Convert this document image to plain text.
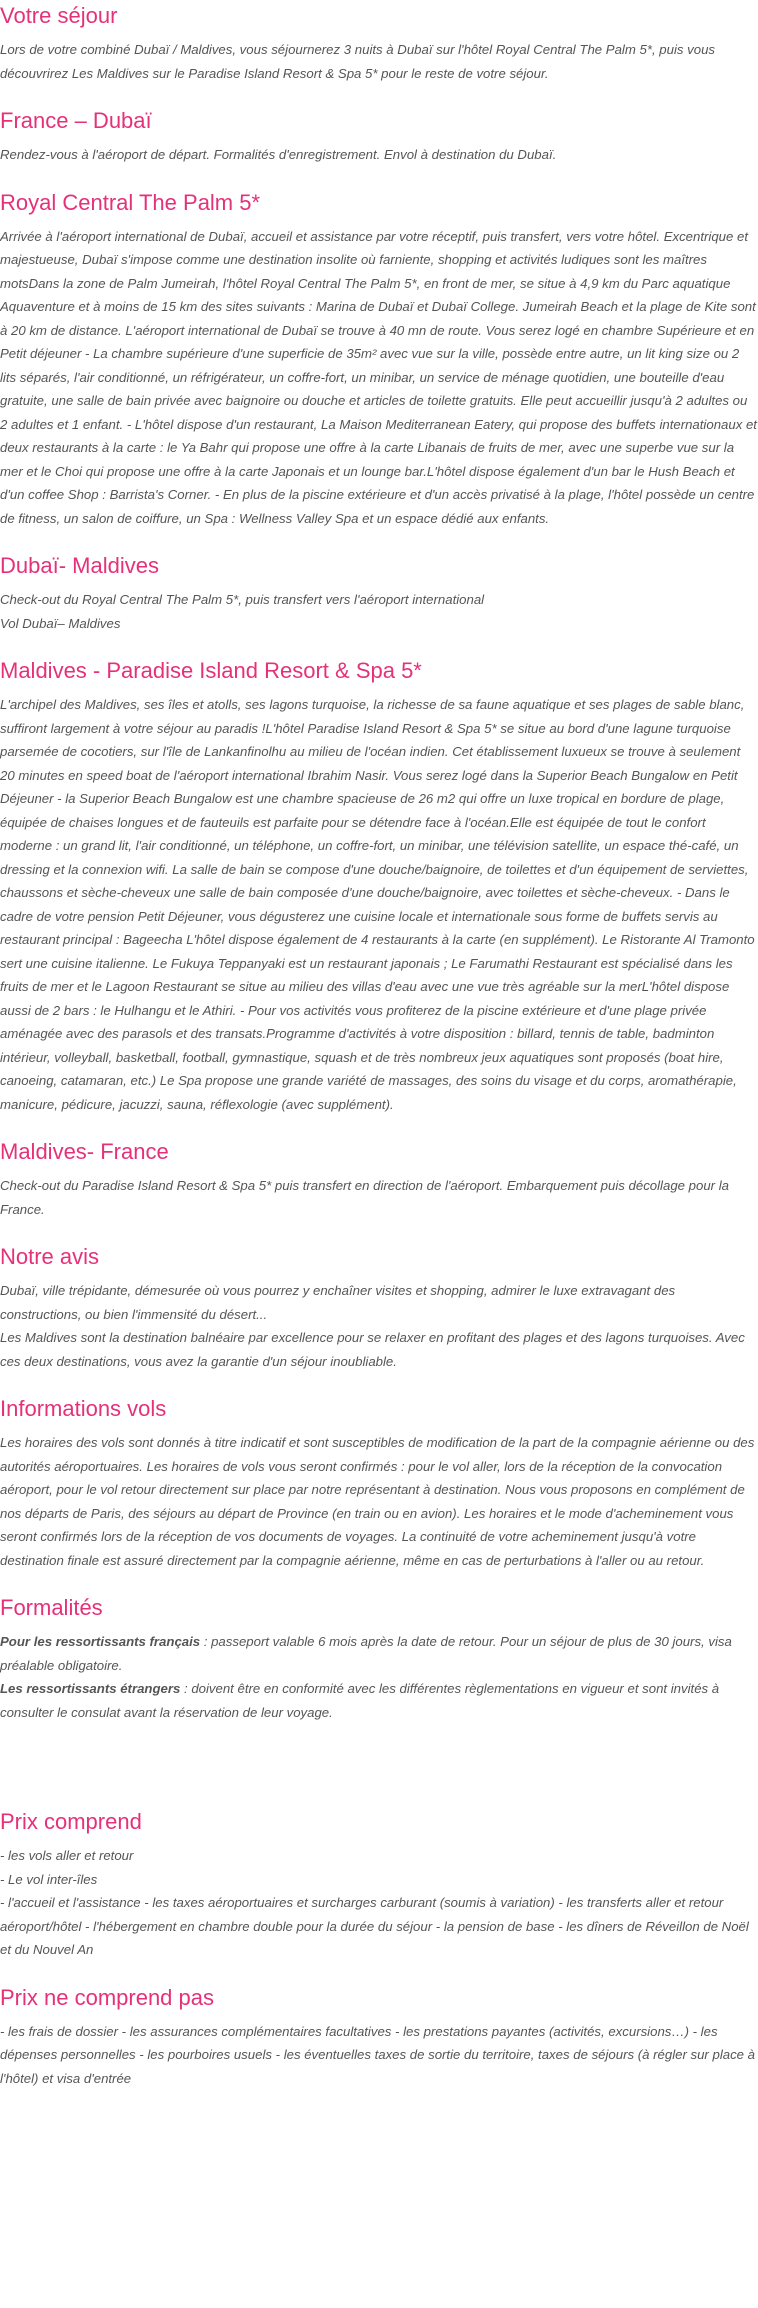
Votre séjour

Lors de votre combiné Dubaï / Maldives, vous séjournerez 3 nuits à Dubaï sur l'hôtel Royal Central The Palm 5*, puis vous découvrirez Les Maldives sur le Paradise Island Resort & Spa 5* pour le reste de votre séjour.

France – Dubaï

Rendez-vous à l'aéroport de départ. Formalités d'enregistrement. Envol à destination du Dubaï.

Royal Central The Palm 5*

Arrivée à l'aéroport international de Dubaï, accueil et assistance par votre réceptif, puis transfert, vers votre hôtel. Excentrique et majestueuse, Dubaï s'impose comme une destination insolite où farniente, shopping et activités ludiques sont les maîtres motsDans la zone de Palm Jumeirah, l'hôtel Royal Central The Palm 5*, en front de mer, se situe à 4,9 km du Parc aquatique Aquaventure et à moins de 15 km des sites suivants : Marina de Dubaï et Dubaï College. Jumeirah Beach et la plage de Kite sont à 20 km de distance. L'aéroport international de Dubaï se trouve à 40 mn de route. Vous serez logé en chambre Supérieure et en Petit déjeuner - La chambre supérieure d'une superficie de 35m² avec vue sur la ville, possède entre autre, un lit king size ou 2 lits séparés, l'air conditionné, un réfrigérateur, un coffre-fort, un minibar, un service de ménage quotidien, une bouteille d'eau gratuite, une salle de bain privée avec baignoire ou douche et articles de toilette gratuits. Elle peut accueillir jusqu'à 2 adultes ou 2 adultes et 1 enfant. - L'hôtel dispose d'un restaurant, La Maison Mediterranean Eatery, qui propose des buffets internationaux et deux restaurants à la carte : le Ya Bahr qui propose une offre à la carte Libanais de fruits de mer, avec une superbe vue sur la mer et le Choi qui propose une offre à la carte Japonais et un lounge bar.L'hôtel dispose également d'un bar le Hush Beach et d'un coffee Shop : Barrista's Corner. - En plus de la piscine extérieure et d'un accès privatisé à la plage, l'hôtel possède un centre de fitness, un salon de coiffure, un Spa : Wellness Valley Spa et un espace dédié aux enfants.

Dubaï- Maldives

Check-out du Royal Central The Palm 5*, puis transfert vers l'aéroport international

Vol Dubaï– Maldives

Maldives - Paradise Island Resort & Spa 5*

L'archipel des Maldives, ses îles et atolls, ses lagons turquoise, la richesse de sa faune aquatique et ses plages de sable blanc, suffiront largement à votre séjour au paradis !L'hôtel Paradise Island Resort & Spa 5* se situe au bord d'une lagune turquoise parsemée de cocotiers, sur l'île de Lankanfinolhu au milieu de l'océan indien. Cet établissement luxueux se trouve à seulement 20 minutes en speed boat de l'aéroport international Ibrahim Nasir. Vous serez logé dans la Superior Beach Bungalow en Petit Déjeuner - la Superior Beach Bungalow est une chambre spacieuse de 26 m2 qui offre un luxe tropical en bordure de plage, équipée de chaises longues et de fauteuils est parfaite pour se détendre face à l'océan.Elle est équipée de tout le confort moderne : un grand lit, l'air conditionné, un téléphone, un coffre-fort, un minibar, une télévision satellite, un espace thé-café, un dressing et la connexion wifi. La salle de bain se compose d'une douche/baignoire, de toilettes et d'un équipement de serviettes, chaussons et sèche-cheveux une salle de bain composée d'une douche/baignoire, avec toilettes et sèche-cheveux. - Dans le cadre de votre pension Petit Déjeuner, vous dégusterez une cuisine locale et internationale sous forme de buffets servis au restaurant principal : Bageecha L'hôtel dispose également de 4 restaurants à la carte (en supplément). Le Ristorante Al Tramonto sert une cuisine italienne. Le Fukuya Teppanyaki est un restaurant japonais ; Le Farumathi Restaurant est spécialisé dans les fruits de mer et le Lagoon Restaurant se situe au milieu des villas d'eau avec une vue très agréable sur la merL'hôtel dispose aussi de 2 bars : le Hulhangu et le Athiri. - Pour vos activités vous profiterez de la piscine extérieure et d'une plage privée aménagée avec des parasols et des transats.Programme d'activités à votre disposition : billard, tennis de table, badminton intérieur, volleyball, basketball, football, gymnastique, squash et de très nombreux jeux aquatiques sont proposés (boat hire, canoeing, catamaran, etc.) Le Spa propose une grande variété de massages, des soins du visage et du corps, aromathérapie, manicure, pédicure, jacuzzi, sauna, réflexologie (avec supplément).

Maldives- France

Check-out du Paradise Island Resort & Spa 5* puis transfert en direction de l'aéroport. Embarquement puis décollage pour la France.

Notre avis

Dubaï, ville trépidante, démesurée où vous pourrez y enchaîner visites et shopping, admirer le luxe extravagant des constructions, ou bien l'immensité du désert...

Les Maldives sont la destination balnéaire par excellence pour se relaxer en profitant des plages et des lagons turquoises. Avec ces deux destinations, vous avez la garantie d'un séjour inoubliable.

Informations vols

Les horaires des vols sont donnés à titre indicatif et sont susceptibles de modification de la part de la compagnie aérienne ou des autorités aéroportuaires. Les horaires de vols vous seront confirmés : pour le vol aller, lors de la réception de la convocation aéroport, pour le vol retour directement sur place par notre représentant à destination. Nous vous proposons en complément de nos départs de Paris, des séjours au départ de Province (en train ou en avion). Les horaires et le mode d'acheminement vous seront confirmés lors de la réception de vos documents de voyages. La continuité de votre acheminement jusqu'à votre destination finale est assuré directement par la compagnie aérienne, même en cas de perturbations à l'aller ou au retour.

Formalités

Pour les ressortissants français : passeport valable 6 mois après la date de retour. Pour un séjour de plus de 30 jours, visa préalable obligatoire.

Les ressortissants étrangers : doivent être en conformité avec les différentes règlementations en vigueur et sont invités à consulter le consulat avant la réservation de leur voyage.

Prix comprend

- les vols aller et retour

- Le vol inter-îles

- l'accueil et l'assistance - les taxes aéroportuaires et surcharges carburant (soumis à variation) - les transferts aller et retour aéroport/hôtel - l'hébergement en chambre double pour la durée du séjour - la pension de base - les dîners de Réveillon de Noël et du Nouvel An

Prix ne comprend pas

- les frais de dossier - les assurances complémentaires facultatives - les prestations payantes (activités, excursions…) - les dépenses personnelles - les pourboires usuels - les éventuelles taxes de sortie du territoire, taxes de séjours (à régler sur place à l'hôtel) et visa d'entrée
